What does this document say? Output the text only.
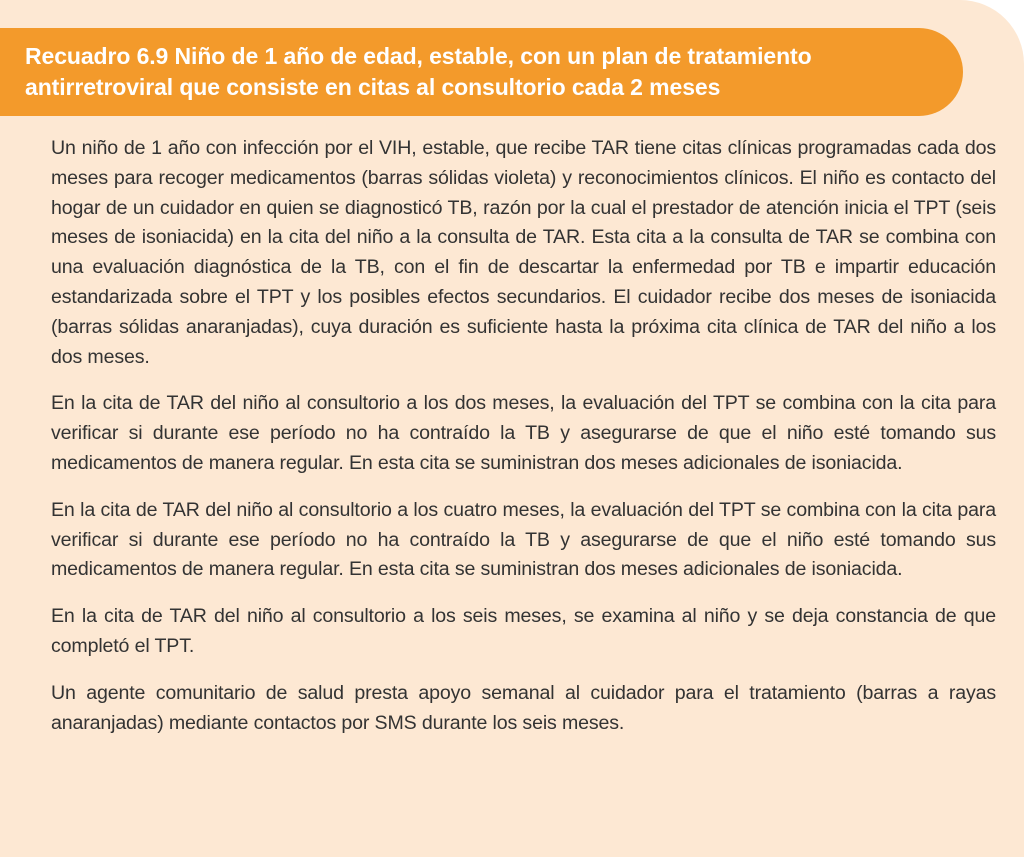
Recuadro 6.9 Niño de 1 año de edad, estable, con un plan de tratamiento antirretroviral que consiste en citas al consultorio cada 2 meses

Un niño de 1 año con infección por el VIH, estable, que recibe TAR tiene citas clínicas programadas cada dos meses para recoger medicamentos (barras sólidas violeta) y reconocimientos clínicos. El niño es contacto del hogar de un cuidador en quien se diagnosticó TB, razón por la cual el prestador de atención inicia el TPT (seis meses de isoniacida) en la cita del niño a la consulta de TAR. Esta cita a la consulta de TAR se combina con una evaluación diagnóstica de la TB, con el fin de descartar la enfermedad por TB e impartir educación estandarizada sobre el TPT y los posibles efectos secundarios. El cuidador recibe dos meses de isoniacida (barras sólidas anaranjadas), cuya duración es suficiente hasta la próxima cita clínica de TAR del niño a los dos meses.

En la cita de TAR del niño al consultorio a los dos meses, la evaluación del TPT se combina con la cita para verificar si durante ese período no ha contraído la TB y asegurarse de que el niño esté tomando sus medicamentos de manera regular. En esta cita se suministran dos meses adicionales de isoniacida.

En la cita de TAR del niño al consultorio a los cuatro meses, la evaluación del TPT se combina con la cita para verificar si durante ese período no ha contraído la TB y asegurarse de que el niño esté tomando sus medicamentos de manera regular. En esta cita se suministran dos meses adicionales de isoniacida.

En la cita de TAR del niño al consultorio a los seis meses, se examina al niño y se deja constancia de que completó el TPT.

Un agente comunitario de salud presta apoyo semanal al cuidador para el tratamiento (barras a rayas anaranjadas) mediante contactos por SMS durante los seis meses.
